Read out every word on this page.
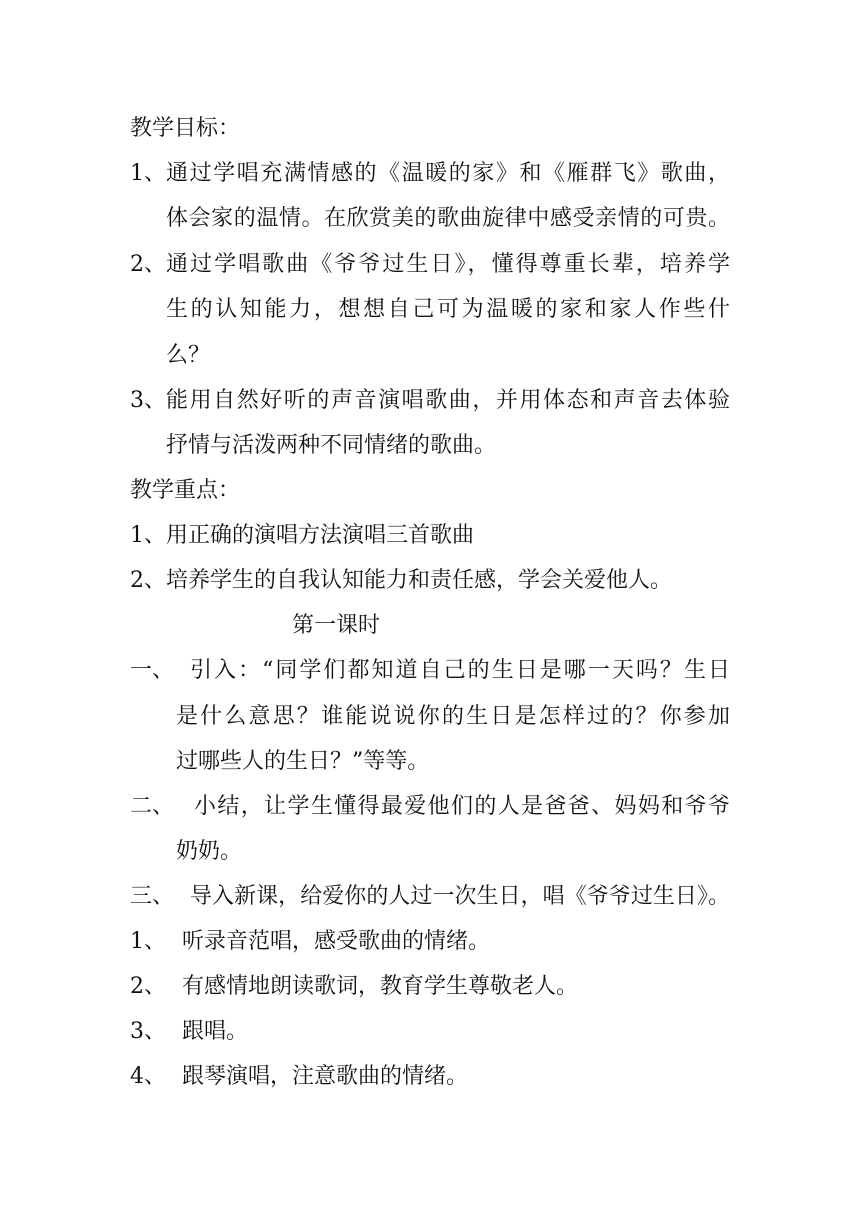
教学目标：
1、 通过学唱充满情感的《温暖的家》和《雁群飞》歌曲，
体会家的温情。在欣赏美的歌曲旋律中感受亲情的可贵。
2、 通过学唱歌曲《爷爷过生日》，懂得尊重长辈，培养学
生的认知能力，想想自己可为温暖的家和家人作些什
么？
3、 能用自然好听的声音演唱歌曲，并用体态和声音去体验
抒情与活泼两种不同情绪的歌曲。
教学重点：
1、 用正确的演唱方法演唱三首歌曲
2、 培养学生的自我认知能力和责任感，学会关爱他人。
第一课时
一、 引入：“同学们都知道自己的生日是哪一天吗？生日
是什么意思？谁能说说你的生日是怎样过的？你参加
过哪些人的生日？”等等。
二、 小结，让学生懂得最爱他们的人是爸爸、妈妈和爷爷
奶奶。
三、 导入新课，给爱你的人过一次生日，唱《爷爷过生日》。
1、 听录音范唱，感受歌曲的情绪。
2、 有感情地朗读歌词，教育学生尊敬老人。
3、 跟唱。
4、 跟琴演唱，注意歌曲的情绪。
